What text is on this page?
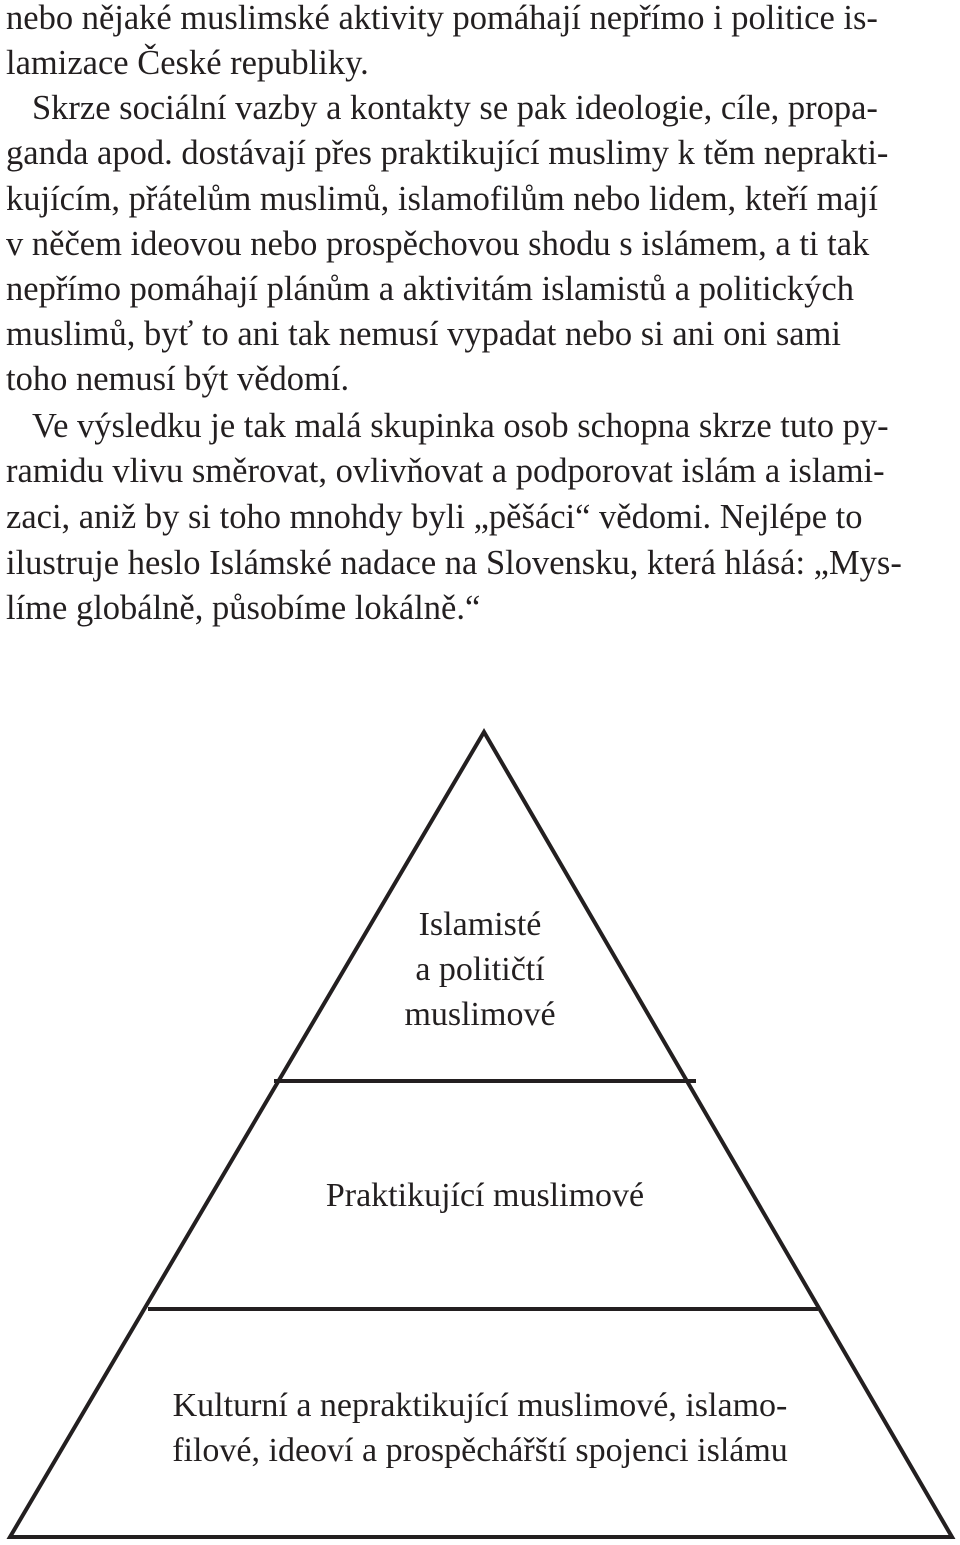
nebo nějaké muslimské aktivity pomáhají nepřímo i politice is-
lamizace České republiky.
Skrze sociální vazby a kontakty se pak ideologie, cíle, propa-
ganda apod. dostávají přes praktikující muslimy k těm neprakti-
kujícím, přátelům muslimů, islamofilům nebo lidem, kteří mají
v něčem ideovou nebo prospěchovou shodu s islámem, a ti tak
nepřímo pomáhají plánům a aktivitám islamistů a politických
muslimů, byť to ani tak nemusí vypadat nebo si ani oni sami
toho nemusí být vědomí.
Ve výsledku je tak malá skupinka osob schopna skrze tuto py-
ramidu vlivu směrovat, ovlivňovat a podporovat islám a islami-
zaci, aniž by si toho mnohdy byli „pěšáci“ vědomi. Nejlépe to
ilustruje heslo Islámské nadace na Slovensku, která hlásá: „Mys-
líme globálně, působíme lokálně.“
Islamisté
a političtí
muslimové
Praktikující muslimové
Kulturní a nepraktikující muslimové, islamo-
filové, ideoví a prospěchářští spojenci islámu
